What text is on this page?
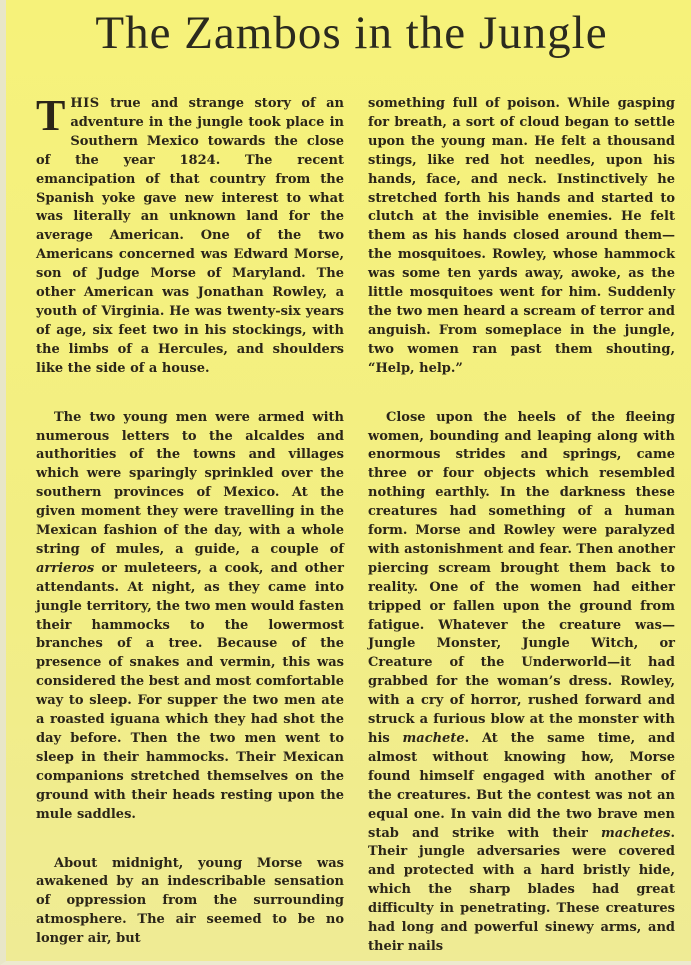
The Zambos in the Jungle

THIS true and strange story of an adventure in the jungle took place in Southern Mexico towards the close of the year 1824. The recent emancipation of that country from the Spanish yoke gave new interest to what was literally an unknown land for the average American. One of the two Americans concerned was Edward Morse, son of Judge Morse of Maryland. The other American was Jonathan Rowley, a youth of Virginia. He was twenty-six years of age, six feet two in his stockings, with the limbs of a Hercules, and shoulders like the side of a house.

The two young men were armed with numerous letters to the alcaldes and authorities of the towns and villages which were sparingly sprinkled over the southern provinces of Mexico. At the given moment they were travelling in the Mexican fashion of the day, with a whole string of mules, a guide, a couple of arrieros or muleteers, a cook, and other attendants. At night, as they came into jungle territory, the two men would fasten their hammocks to the lowermost branches of a tree. Because of the presence of snakes and vermin, this was considered the best and most comfortable way to sleep. For supper the two men ate a roasted iguana which they had shot the day before. Then the two men went to sleep in their hammocks. Their Mexican companions stretched themselves on the ground with their heads resting upon the mule saddles.

About midnight, young Morse was awakened by an indescribable sensation of oppression from the surrounding atmosphere. The air seemed to be no longer air, but

something full of poison. While gasping for breath, a sort of cloud began to settle upon the young man. He felt a thousand stings, like red hot needles, upon his hands, face, and neck. Instinctively he stretched forth his hands and started to clutch at the invisible enemies. He felt them as his hands closed around them—the mosquitoes. Rowley, whose hammock was some ten yards away, awoke, as the little mosquitoes went for him. Suddenly the two men heard a scream of terror and anguish. From someplace in the jungle, two women ran past them shouting, “Help, help.”

Close upon the heels of the fleeing women, bounding and leaping along with enormous strides and springs, came three or four objects which resembled nothing earthly. In the darkness these creatures had something of a human form. Morse and Rowley were paralyzed with astonishment and fear. Then another piercing scream brought them back to reality. One of the women had either tripped or fallen upon the ground from fatigue. Whatever the creature was—Jungle Monster, Jungle Witch, or Creature of the Underworld—it had grabbed for the woman’s dress. Rowley, with a cry of horror, rushed forward and struck a furious blow at the monster with his machete. At the same time, and almost without knowing how, Morse found himself engaged with another of the creatures. But the contest was not an equal one. In vain did the two brave men stab and strike with their machetes. Their jungle adversaries were covered and protected with a hard bristly hide, which the sharp blades had great difficulty in penetrating. These creatures had long and powerful sinewy arms, and their nails
